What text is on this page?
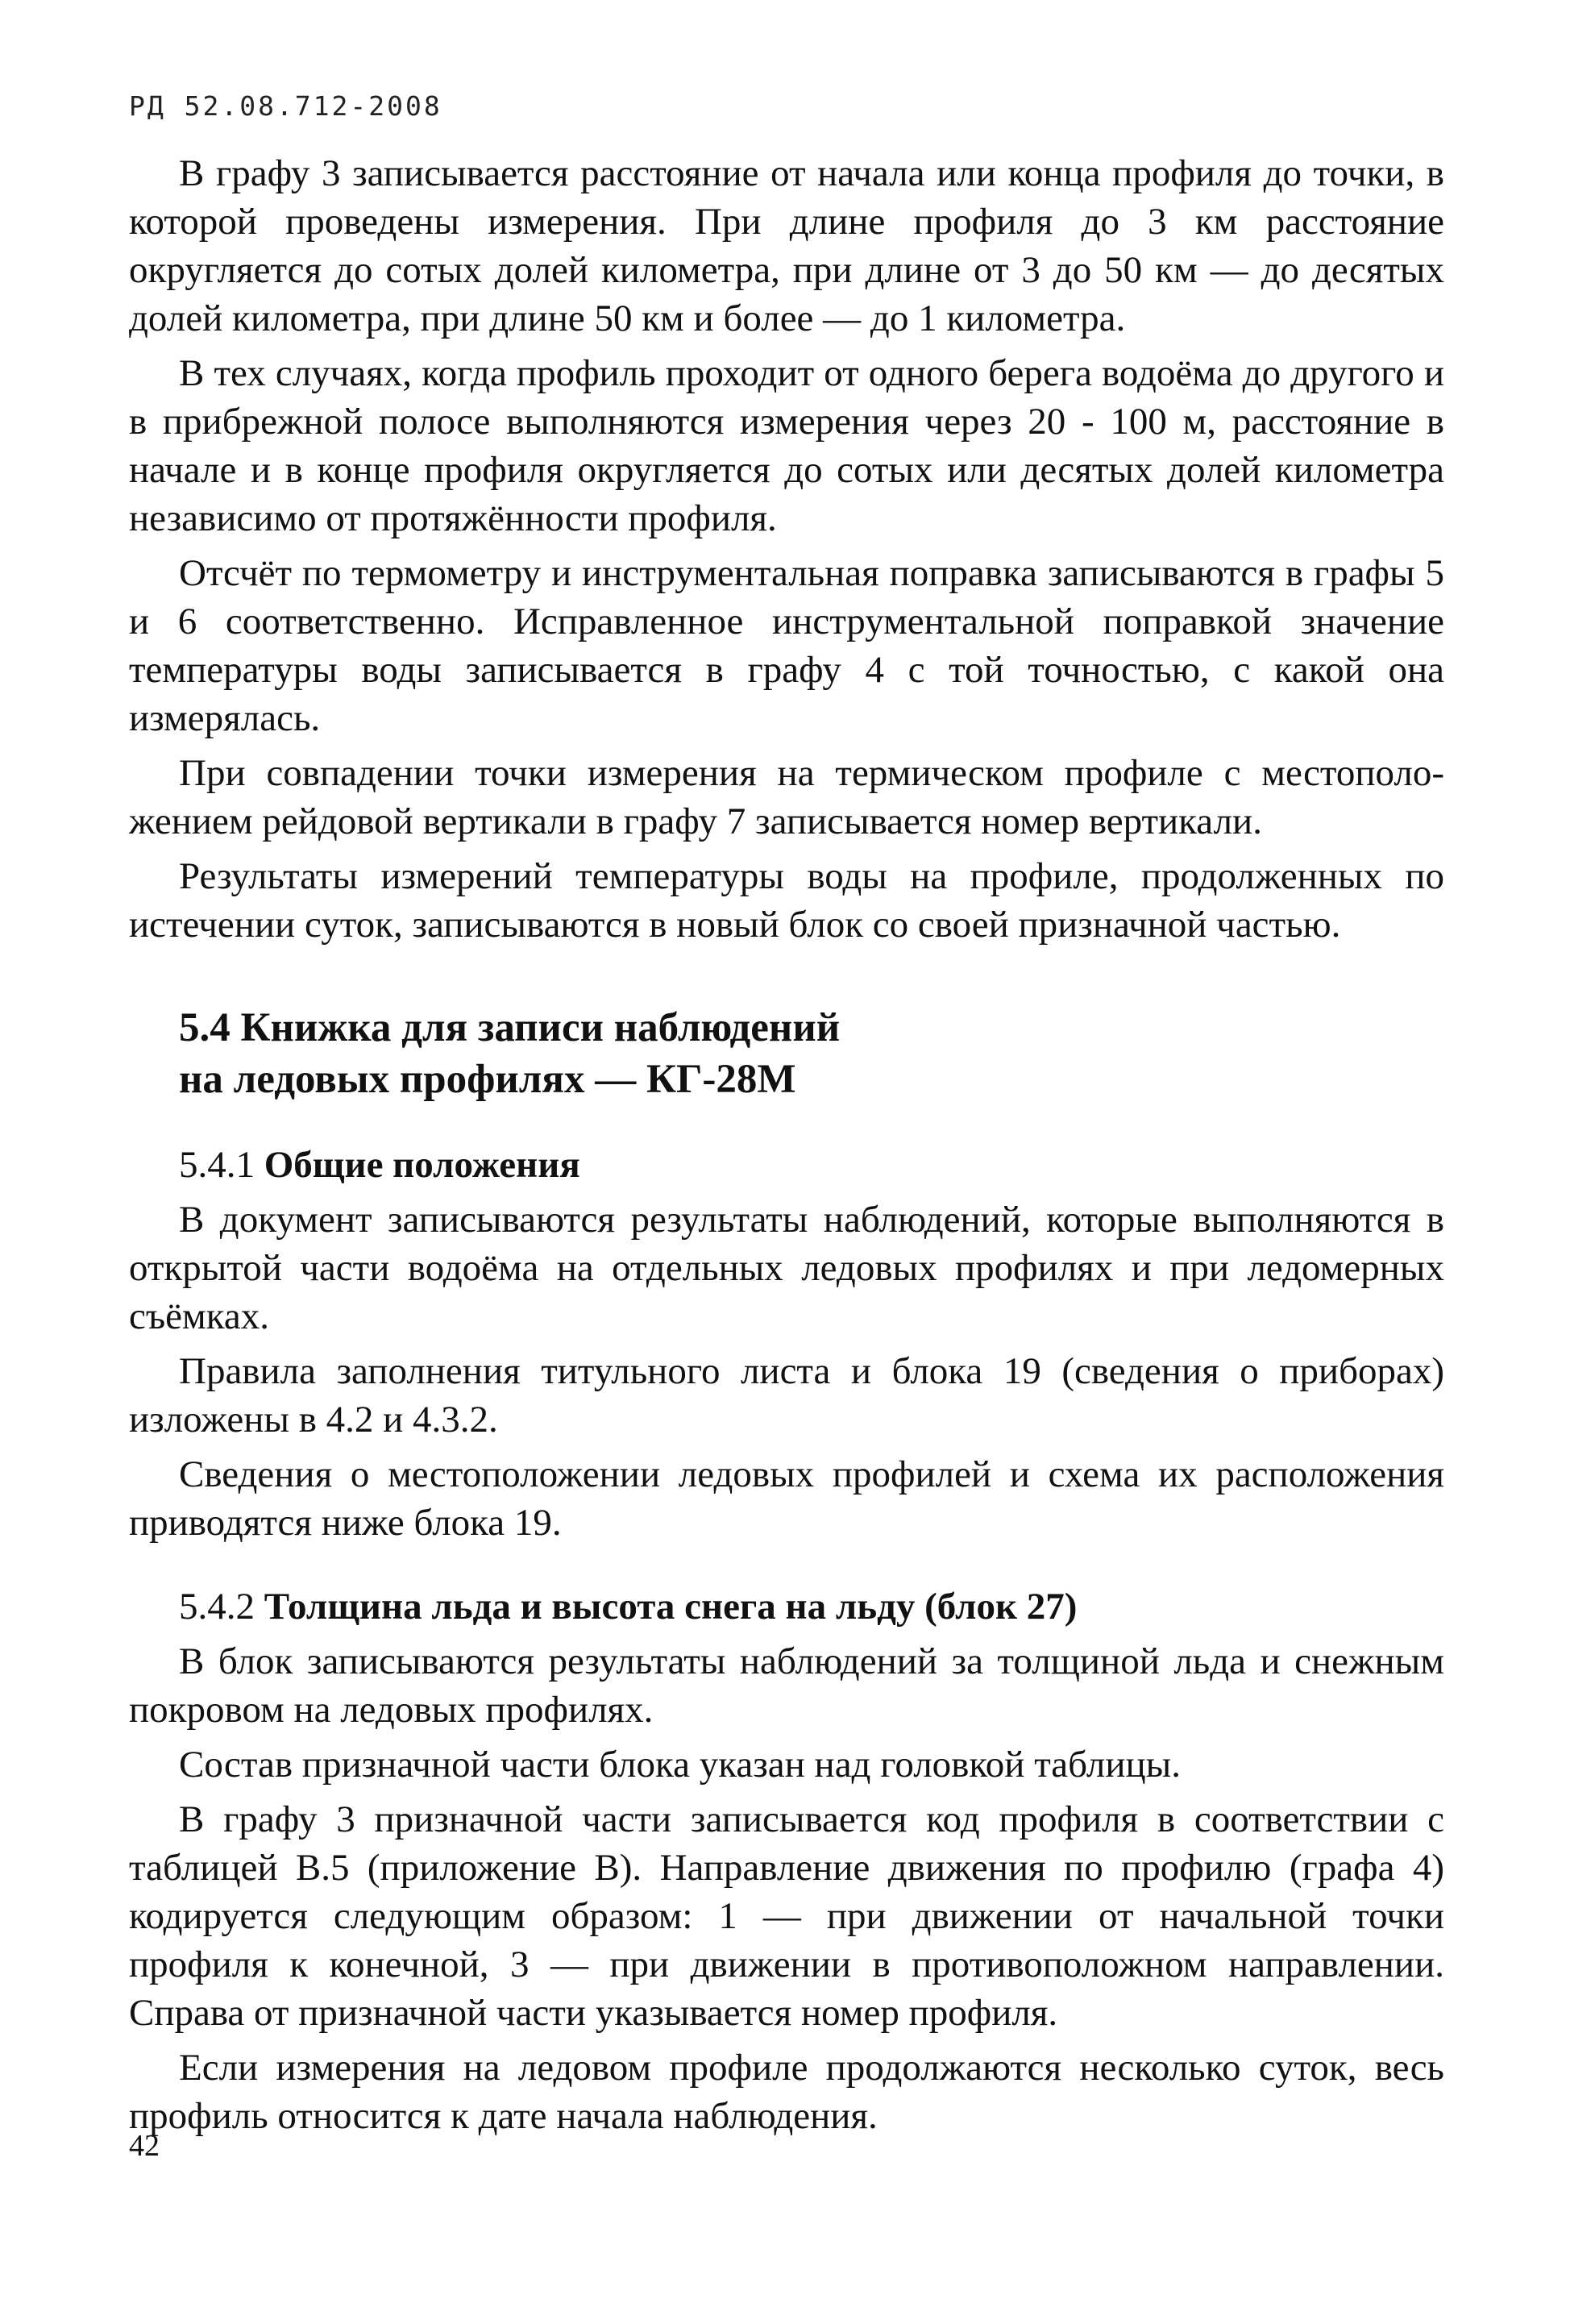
РД 52.08.712-2008

В графу 3 записывается расстояние от начала или конца профиля до точки, в которой проведены измерения. При длине профиля до 3 км расстояние округляется до сотых долей километра, при длине от 3 до 50 км — до десятых долей километра, при длине 50 км и более — до 1 километра.

В тех случаях, когда профиль проходит от одного берега водоёма до другого и в прибрежной полосе выполняются измерения через 20 - 100 м, расстояние в начале и в конце профиля округляется до сотых или десятых долей километра независимо от протяжённости профиля.

Отсчёт по термометру и инструментальная поправка записываются в графы 5 и 6 соответственно. Исправленное инструментальной поправкой значение температуры воды записывается в графу 4 с той точностью, с какой она измерялась.

При совпадении точки измерения на термическом профиле с местоположением рейдовой вертикали в графу 7 записывается номер вертикали.

Результаты измерений температуры воды на профиле, продолженных по истечении суток, записываются в новый блок со своей призначной частью.

5.4 Книжка для записи наблюдений
на ледовых профилях — КГ-28М
5.4.1 Общие положения

В документ записываются результаты наблюдений, которые выполняются в открытой части водоёма на отдельных ледовых профилях и при ледомерных съёмках.

Правила заполнения титульного листа и блока 19 (сведения о приборах) изложены в 4.2 и 4.3.2.

Сведения о местоположении ледовых профилей и схема их расположения приводятся ниже блока 19.

5.4.2 Толщина льда и высота снега на льду (блок 27)

В блок записываются результаты наблюдений за толщиной льда и снежным покровом на ледовых профилях.

Состав призначной части блока указан над головкой таблицы.

В графу 3 призначной части записывается код профиля в соответствии с таблицей В.5 (приложение В). Направление движения по профилю (графа 4) кодируется следующим образом: 1 — при движении от начальной точки профиля к конечной, 3 — при движении в противоположном направлении. Справа от призначной части указывается номер профиля.

Если измерения на ледовом профиле продолжаются несколько суток, весь профиль относится к дате начала наблюдения.

42
